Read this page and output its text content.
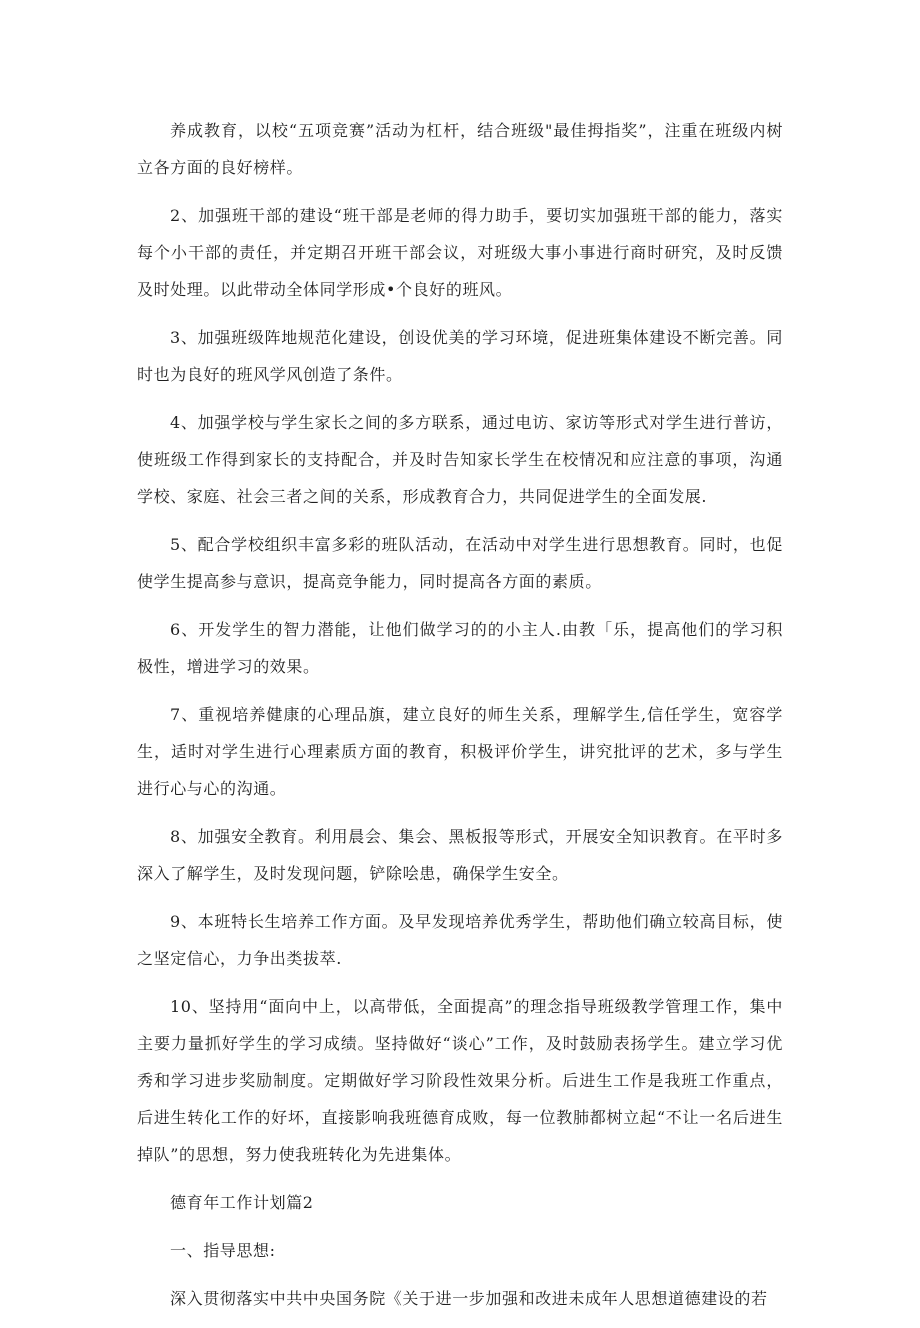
养成教育，以校“五项竞赛”活动为杠杆，结合班级"最佳拇指奖”，注重在班级内树立各方面的良好榜样。

2、加强班干部的建设“班干部是老师的得力助手，要切实加强班干部的能力，落实每个小干部的责任，并定期召开班干部会议，对班级大事小事进行商时研究，及时反馈及时处理。以此带动全体同学形成•个良好的班风。

3、加强班级阵地规范化建设，创设优美的学习环境，促进班集体建设不断完善。同时也为良好的班风学风创造了条件。

4、加强学校与学生家长之间的多方联系，通过电访、家访等形式对学生进行普访，使班级工作得到家长的支持配合，并及时告知家长学生在校情况和应注意的事项，沟通学校、家庭、社会三者之间的关系，形成教育合力，共同促进学生的全面发展.

5、配合学校组织丰富多彩的班队活动，在活动中对学生进行思想教育。同时，也促使学生提高参与意识，提高竞争能力，同时提高各方面的素质。

6、开发学生的智力潜能，让他们做学习的的小主人.由教「乐，提高他们的学习积极性，增进学习的效果。

7、重视培养健康的心理品旗，建立良好的师生关系，理解学生,信任学生，宽容学生，适时对学生进行心理素质方面的教育，积极评价学生，讲究批评的艺术，多与学生进行心与心的沟通。

8、加强安全教育。利用晨会、集会、黑板报等形式，开展安全知识教育。在平时多深入了解学生，及时发现问题，铲除哙患，确保学生安全。

9、本班特长生培养工作方面。及早发现培养优秀学生，帮助他们确立较高目标，使之坚定信心，力争出类拔萃.

10、坚持用“面向中上，以高带低，全面提高”的理念指导班级教学管理工作，集中主要力量抓好学生的学习成绩。坚持做好“谈心”工作，及时鼓励表扬学生。建立学习优秀和学习进步奖励制度。定期做好学习阶段性效果分析。后进生工作是我班工作重点，后进生转化工作的好坏，直接影响我班德育成败，每一位教肺都树立起“不让一名后进生掉队”的思想，努力使我班转化为先进集体。

德育年工作计划篇2

一、指导思想:

深入贯彻落实中共中央国务院《关于进一步加强和改进未成年人思想道德建设的若
